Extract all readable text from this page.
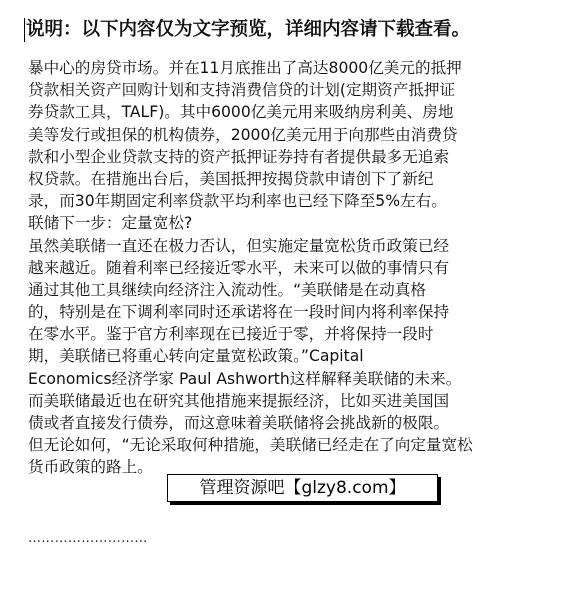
说明：以下内容仅为文字预览，详细内容请下载查看。
暴中心的房贷市场。并在11月底推出了高达8000亿美元的抵押
贷款相关资产回购计划和支持消费信贷的计划(定期资产抵押证
券贷款工具，TALF)。其中6000亿美元用来吸纳房利美、房地
美等发行或担保的机构债券，2000亿美元用于向那些由消费贷
款和小型企业贷款支持的资产抵押证券持有者提供最多无追索
权贷款。在措施出台后，美国抵押按揭贷款申请创下了新纪
录，而30年期固定利率贷款平均利率也已经下降至5%左右。
联储下一步：定量宽松?
虽然美联储一直还在极力否认，但实施定量宽松货币政策已经
越来越近。随着利率已经接近零水平，未来可以做的事情只有
通过其他工具继续向经济注入流动性。“美联储是在动真格
的，特别是在下调利率同时还承诺将在一段时间内将利率保持
在零水平。鉴于官方利率现在已接近于零，并将保持一段时
期，美联储已将重心转向定量宽松政策。”Capital
Economics经济学家 Paul Ashworth这样解释美联储的未来。
而美联储最近也在研究其他措施来提振经济，比如买进美国国
债或者直接发行债券，而这意味着美联储将会挑战新的极限。
但无论如何，“无论采取何种措施，美联储已经走在了向定量宽松
货币政策的路上。
………………………
管理资源吧【glzy8.com】
